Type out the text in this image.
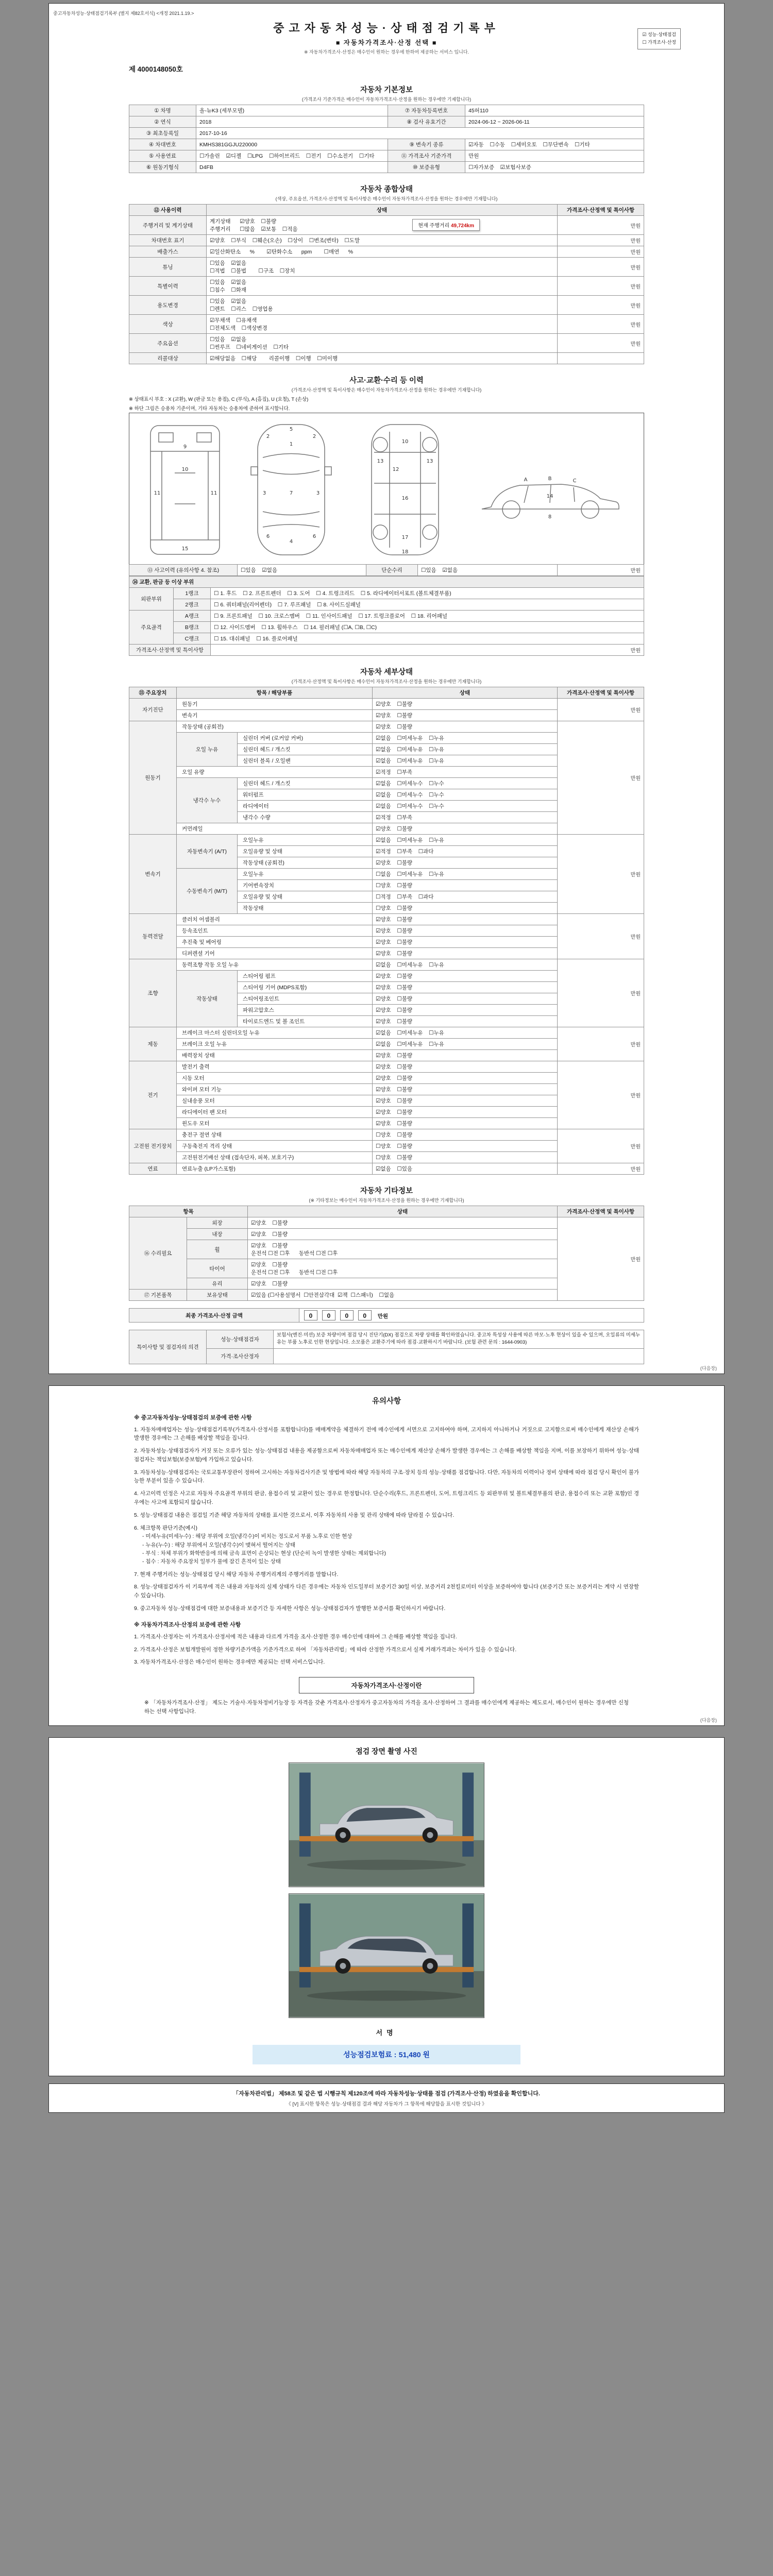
중고자동차성능·상태점검기록부 (별지 제82호서식) <개정 2021.1.19.>
중고자동차성능·상태점검기록부
■ 자동차가격조사·산정 선택 ■
※ 자동차가격조사·산정은 매수인이 원하는 경우에 한하여 제공하는 서비스 입니다.
☑ 성능·상태점검
☐ 가격조사·산정
제 4000148050호
자동차 기본정보
(가격조사 기준가격은 매수인이 자동차가격조사·산정을 원하는 경우에만 기재합니다)
① 차명	올-뉴K3 (세부모델)	⑦ 자동차등록번호	45허110
② 연식	2018	⑧ 검사 유효기간	2024-06-12 ~ 2026-06-11
③ 최초등록일	2017-10-16		
④ 차대번호	KMHS381GGJU220000	⑨ 변속기 종류	☑자동    ☐수동    ☐세미오토    ☐무단변속    ☐기타
⑤ 사용연료	☐가솔린    ☑디젤    ☐LPG    ☐하이브리드    ☐전기    ☐수소전기    ☐기타	⑪ 가격조사 기준가격	만원
⑥ 원동기형식	D4FB	⑩ 보증유형	☐자가보증    ☑보험사보증
자동차 종합상태
(색상, 주요옵션, 가격조사·산정액 및 특이사항은 매수인이 자동차가격조사·산정을 원하는 경우에만 기재합니다)
⑫ 사용이력	상태	가격조사·산정액 및 특이사항
주행거리 및 계기상태	계기상태      ☑양호    ☐불량
주행거리      ☐많음    ☑보통    ☐적음
현재 주행거리 49,724km	만원
차대번호 표기	☑양호    ☐부식    ☐훼손(오손)    ☐상이    ☐변조(변타)    ☐도말	만원
배출가스	☑일산화탄소      %        ☑탄화수소      ppm        ☐매연      %	만원
튜닝	☐있음    ☑없음
☐적법    ☐불법        ☐구조    ☐장치	만원
특별이력	☐있음    ☑없음
☐침수    ☐화재	만원
용도변경	☐있음    ☑없음
☐렌트    ☐리스    ☐영업용	만원
색상	☑무채색    ☐유채색
☐전체도색    ☐색상변경	만원
주요옵션	☐있음    ☑없음
☐썬루프    ☐네비게이션    ☐기타	만원
리콜대상	☑해당없음    ☐해당        리콜이행    ☐이행    ☐미이행	

사고·교환·수리 등 이력
(가격조사·산정액 및 특이사항은 매수인이 자동차가격조사·산정을 원하는 경우에만 기재합니다)
※ 상태표시 부호 : X (교환), W (판금 또는 용접), C (부식), A (흠집), U (요철), T (손상)
※ 하단 그림은 승용차 기준이며, 기타 자동차는 승용차에 준하여 표시합니다.
9
10
11	11
15
5
1
2	2
7
3	3
6	6
4
10
12
13	13
16
17
18
A	B	C
14
8
⑬ 사고이력 (유의사항 4. 참조)	☐있음    ☑없음	단순수리	☐있음    ☑없음	만원
⑭ 교환, 판금 등 이상 부위		
외판부위	1랭크	☐ 1. 후드    ☐ 2. 프론트펜더    ☐ 3. 도어    ☐ 4. 트렁크리드    ☐ 5. 라디에이터서포트 (볼트체결부품)
	2랭크	☐ 6. 쿼터패널(리어펜더)    ☐ 7. 루프패널    ☐ 8. 사이드실패널
주요골격	A랭크	☐ 9. 프론트패널    ☐ 10. 크로스멤버    ☐ 11. 인사이드패널    ☐ 17. 트렁크플로어    ☐ 18. 리어패널
	B랭크	☐ 12. 사이드멤버    ☐ 13. 휠하우스    ☐ 14. 필러패널 (☐A, ☐B, ☐C)
	C랭크	☐ 15. 대쉬패널    ☐ 16. 플로어패널
가격조사·산정액 및 특이사항		만원
자동차 세부상태
(가격조사·산정액 및 특이사항은 매수인이 자동차가격조사·산정을 원하는 경우에만 기재합니다)
⑮ 주요장치	항목 / 해당부품		상태	가격조사·산정액 및 특이사항
자기진단	원동기		☑양호    ☐불량	만원
	변속기		☑양호    ☐불량	
원동기	작동상태 (공회전)		☑양호    ☐불량	만원
	오일 누유	실린더 커버 (로커암 커버)	☑없음    ☐미세누유    ☐누유	
		실린더 헤드 / 개스킷	☑없음    ☐미세누유    ☐누유	
		실린더 블록 / 오일팬	☑없음    ☐미세누유    ☐누유	
	오일 유량		☑적정    ☐부족	
	냉각수 누수	실린더 헤드 / 개스킷	☑없음    ☐미세누수    ☐누수	
		워터펌프	☑없음    ☐미세누수    ☐누수	
		라디에이터	☑없음    ☐미세누수    ☐누수	
		냉각수 수량	☑적정    ☐부족	
	커먼레일		☑양호    ☐불량	
변속기	자동변속기 (A/T)	오일누유	☑없음    ☐미세누유    ☐누유	만원
		오일유량 및 상태	☑적정    ☐부족    ☐과다	
		작동상태 (공회전)	☑양호    ☐불량	
	수동변속기 (M/T)	오일누유	☐없음    ☐미세누유    ☐누유	
		기어변속장치	☐양호    ☐불량	
		오일유량 및 상태	☐적정    ☐부족    ☐과다	
		작동상태	☐양호    ☐불량	
동력전달	클러치 어셈블리		☑양호    ☐불량	만원
	등속조인트		☑양호    ☐불량	
	추진축 및 베어링		☑양호    ☐불량	
	디퍼렌셜 기어		☑양호    ☐불량	
조향	동력조향 작동 오일 누유		☑없음    ☐미세누유    ☐누유	만원
	작동상태	스티어링 펌프	☑양호    ☐불량	
		스티어링 기어 (MDPS포함)	☑양호    ☐불량	
		스티어링조인트	☑양호    ☐불량	
		파워고압호스	☑양호    ☐불량	
		타이로드엔드 및 볼 조인트	☑양호    ☐불량	
제동	브레이크 마스터 실린더오일 누유		☑없음    ☐미세누유    ☐누유	만원
	브레이크 오일 누유		☑없음    ☐미세누유    ☐누유	
	배력장치 상태		☑양호    ☐불량	
전기	발전기 출력		☑양호    ☐불량	만원
	시동 모터		☑양호    ☐불량	
	와이퍼 모터 기능		☑양호    ☐불량	
	실내송풍 모터		☑양호    ☐불량	
	라디에이터 팬 모터		☑양호    ☐불량	
	윈도우 모터		☑양호    ☐불량	
고전원 전기장치	충전구 절연 상태		☐양호    ☐불량	만원
	구동축전지 격리 상태		☐양호    ☐불량	
	고전원전기배선 상태 (접속단자, 피복, 보호기구)		☐양호    ☐불량	
연료	연료누출 (LP가스포함)		☑없음    ☐있음	만원
자동차 기타정보
(※ 기타정보는 매수인이 자동차가격조사·산정을 원하는 경우에만 기재합니다)
항목		상태	가격조사·산정액 및 특이사항
⑯ 수리필요	외장	☑양호    ☐불량	만원
	내장	☑양호    ☐불량	

	휠	☑양호    ☐불량
운전석 ☐전 ☐후      동반석 ☐전 ☐후	

	타이어	☑양호    ☐불량
운전석 ☐전 ☐후      동반석 ☐전 ☐후	

	유리	☑양호    ☐불량	

⑰ 기본품목	보유상태	☑있음 (☐사용설명서  ☐안전삼각대  ☑잭  ☐스패너)    ☐없음	
최종 가격조사·산정 금액	0 0 0 0 만원
특이사항 및 점검자의 의견	성능·상태점검자	보험사(엔진·미션) 보증 차량이며 점검 당시 진단기(DX) 점검으로 차량 상태를 확인하였습니다. 중고차 특성상 사용에 따른 마모·노후 현상이 있을 수 있으며, 오일류의 미세누유는 부품 노후로 인한 현상입니다. 소모품은 교환주기에 따라 점검·교환하시기 바랍니다. (보험 관련 문의 : 1644-0903)
	가격·조사산정자	
(다음장)
유의사항
※ 중고자동차성능·상태점검의 보증에 관한 사항
1. 자동차매매업자는 성능·상태점검기록부(가격조사·산정서를 포함합니다)를 매매계약을 체결하기 전에 매수인에게 서면으로 고지하여야 하며, 고지하지 아니하거나 거짓으로 고지함으로써 매수인에게 재산상 손해가 발생한 경우에는 그 손해를 배상할 책임을 집니다.
2. 자동차성능·상태점검자가 거짓 또는 오류가 있는 성능·상태점검 내용을 제공함으로써 자동차매매업자 또는 매수인에게 재산상 손해가 발생한 경우에는 그 손해를 배상할 책임을 지며, 이를 보장하기 위하여 성능·상태점검자는 책임보험(보증보험)에 가입하고 있습니다.
3. 자동차성능·상태점검자는 국토교통부장관이 정하여 고시하는 자동차검사기준 및 방법에 따라 해당 자동차의 구조·장치 등의 성능·상태를 점검합니다. 다만, 자동차의 이력이나 정비 상태에 따라 점검 당시 확인이 불가능한 부분이 있을 수 있습니다.
4. 사고이력 인정은 사고로 자동차 주요골격 부위의 판금, 용접수리 및 교환이 있는 경우로 한정합니다. 단순수리(후드, 프론트펜더, 도어, 트렁크리드 등 외판부위 및 볼트체결부품의 판금, 용접수리 또는 교환 포함)인 경우에는 사고에 포함되지 않습니다.
5. 성능·상태점검 내용은 점검일 기준 해당 자동차의 상태를 표시한 것으로서, 이후 자동차의 사용 및 관리 상태에 따라 달라질 수 있습니다.
6. 체크항목 판단기준(예시)
- 미세누유(미세누수) : 해당 부위에 오일(냉각수)이 비치는 정도로서 부품 노후로 인한 현상
- 누유(누수) : 해당 부위에서 오일(냉각수)이 맺혀서 떨어지는 상태
- 부식 : 차체 부위가 화학반응에 의해 금속 표면이 손상되는 현상 (단순히 녹이 발생한 상태는 제외합니다)
- 침수 : 자동차 주요장치 일부가 물에 잠긴 흔적이 있는 상태
7. 현재 주행거리는 성능·상태점검 당시 해당 자동차 주행거리계의 주행거리를 말합니다.
8. 성능·상태점검자가 이 기록부에 적은 내용과 자동차의 실제 상태가 다른 경우에는 자동차 인도일부터 보증기간 30일 이상, 보증거리 2천킬로미터 이상을 보증하여야 합니다 (보증기간 또는 보증거리는 계약 시 연장할 수 있습니다).
9. 중고자동차 성능·상태점검에 대한 보증내용과 보증기간 등 자세한 사항은 성능·상태점검자가 발행한 보증서를 확인하시기 바랍니다.
※ 자동차가격조사·산정의 보증에 관한 사항
1. 가격조사·산정자는 이 가격조사·산정서에 적은 내용과 다르게 가격을 조사·산정한 경우 매수인에 대하여 그 손해를 배상할 책임을 집니다.
2. 가격조사·산정은 보험개발원이 정한 차량기준가액을 기준가격으로 하여 「자동차관리법」에 따라 산정한 가격으로서 실제 거래가격과는 차이가 있을 수 있습니다.
3. 자동차가격조사·산정은 매수인이 원하는 경우에만 제공되는 선택 서비스입니다.
자동차가격조사·산정이란
※ 「자동차가격조사·산정」 제도는 기술사·자동차정비기능장 등 자격을 갖춘 가격조사·산정자가 중고자동차의 가격을 조사·산정하여 그 결과를 매수인에게 제공하는 제도로서, 매수인이 원하는 경우에만 신청하는 선택 사항입니다.
(다음장)
점검 장면 촬영 사진
서명
성능점검보험료 : 51,480 원
「자동차관리법」 제58조 및 같은 법 시행규칙 제120조에 따라 자동차성능·상태를 점검 (가격조사·산정) 하였음을 확인합니다.
《 [V] 표시한 항목은 성능·상태점검 결과 해당 자동차가 그 항목에 해당함을 표시한 것입니다 》
